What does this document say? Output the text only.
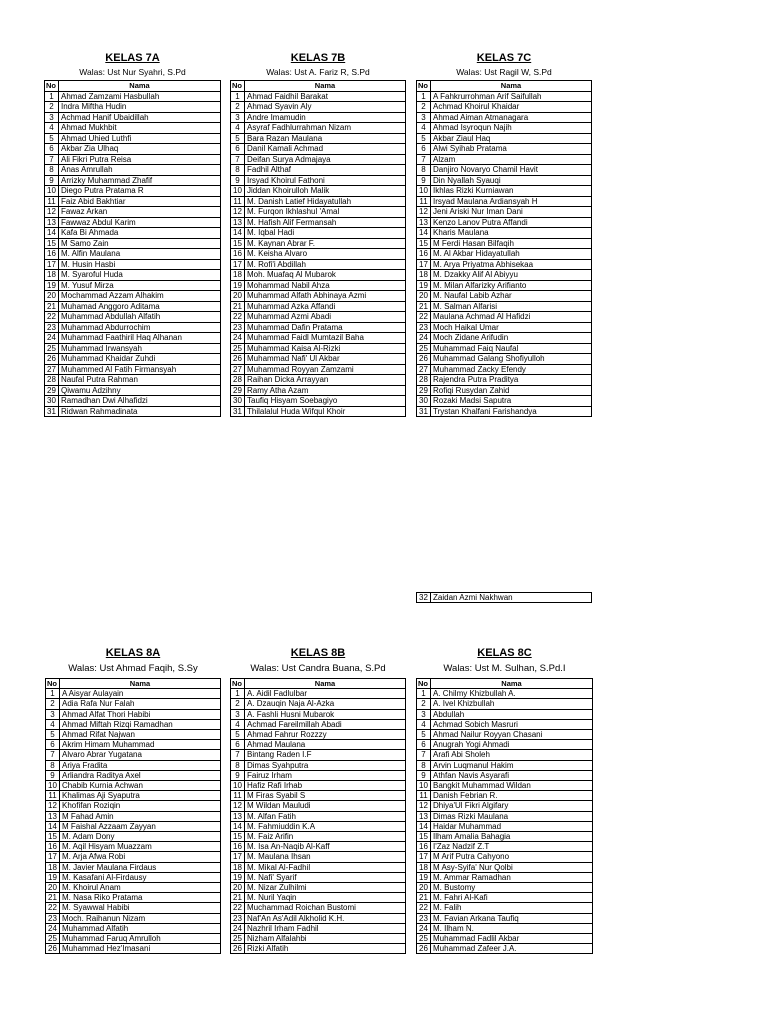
KELAS 7A
Walas: Ust Nur Syahri, S.Pd
No	Nama
1	Ahmad Zamzami Hasbullah
2	Indra Miftha Hudin
3	Achmad Hanif Ubaidillah
4	Ahmad Mukhbit
5	Ahmad Uhied Luthfi
6	Akbar Zia Ulhaq
7	Ali Fikri Putra Reisa
8	Anas Amrullah
9	Arrizky Muhammad Zhafif
10	Diego Putra Pratama R
11	Faiz Abid Bakhtiar
12	Fawaz Arkan
13	Fawwaz Abdul Karim
14	Kafa Bi Ahmada
15	M Samo Zain
16	M. Alfin Maulana
17	M. Husin Hasbi
18	M. Syaroful Huda
19	M. Yusuf Mirza
20	Mochammad Azzam Alhakim
21	Muhamad Anggoro Aditama
22	Muhammad Abdullah Alfatih
23	Muhammad Abdurrochim
24	Muhammad Faathiril Haq Alhanan
25	Muhammad Irwansyah
26	Muhammad Khaidar Zuhdi
27	Muhammed Al Fatih Firmansyah
28	Naufal Putra Rahman
29	Qiwamu Adzihny
30	Ramadhan Dwi Alhafidzi
31	Ridwan Rahmadinata
KELAS 7B
Walas: Ust A. Fariz R, S.Pd
No	Nama
1	Ahmad Faidhil Barakat
2	Ahmad Syavin Aly
3	Andre Imamudin
4	Asyraf Fadhlurrahman Nizam
5	Bara Razan Maulana
6	Danil Kamali Achmad
7	Deifan Surya Admajaya
8	Fadhil Althaf
9	Irsyad Khoirul Fathoni
10	Jiddan Khoirulloh Malik
11	M. Danish Latief Hidayatullah
12	M. Furqon Ikhlashul 'Amal
13	M. Hafish Alif Fermansah
14	M. Iqbal Hadi
15	M. Kaynan Abrar F.
16	M. Keisha Alvaro
17	M. Rofi'i Abdillah
18	Moh. Muafaq Al Mubarok
19	Mohammad Nabil Ahza
20	Muhammad Alfath Abhinaya Azmi
21	Muhammad Azka Affandi
22	Muhammad Azmi Abadi
23	Muhammad Dafin Pratama
24	Muhammad Faidl Mumtazil Baha
25	Muhammad Kaisa Al-Rizki
26	Muhammad Nafi' Ul Akbar
27	Muhammad Royyan Zamzami
28	Raihan Dicka Arrayyan
29	Ramy Atha Azam
30	Taufiq Hisyam Soebagiyo
31	Thilalalul Huda Wifqul Khoir
KELAS 7C
Walas: Ust Ragil W, S.Pd
No	Nama
1	A Fahkrurrohman Arif Saifullah
2	Achmad Khoirul Khaidar
3	Ahmad Aiman Atmanagara
4	Ahmad Isyroqun Najih
5	Akbar Ziaul Haq
6	Alwi Syihab Pratama
7	Alzam
8	Danjiro Novaryo Chamil Havit
9	Din Nyallah Syauqi
10	Ikhlas Rizki Kurniawan
11	Irsyad Maulana Ardiansyah H
12	Jeni Ariski Nur Iman Dani
13	Kenzo Lanov Putra Affandi
14	Kharis Maulana
15	M Ferdi Hasan Bilfaqih
16	M. Al Akbar Hidayatullah
17	M. Arya Priyatma Abhisekaa
18	M. Dzakky Alif Al Abiyyu
19	M. Milan Alfarizky Arifianto
20	M. Naufal Labib Azhar
21	M. Salman Alfarisi
22	Maulana Achmad Al Hafidzi
23	Moch Haikal Umar
24	Moch Zidane Arifudin
25	Muhammad Faiq Naufal
26	Muhammad Galang Shofiyulloh
27	Muhammad Zacky Efendy
28	Rajendra Putra Praditya
29	Rofiqi Rusydan Zahid
30	Rozaki Madsi Saputra
31	Trystan Khalfani Farishandya
32	Zaidan Azmi Nakhwan
KELAS 8A
Walas: Ust Ahmad Faqih, S.Sy
No	Nama
1	A Aisyar Aulayain
2	Adia Rafa Nur Falah
3	Ahmad Alfat Thori Habibi
4	Ahmad Miftah Rizqi Ramadhan
5	Ahmad Rifat Najwan
6	Akrim Himam Muhammad
7	Alvaro Abrar Yugatana
8	Ariya Fradita
9	Arliandra Raditya Axel
10	Chabib Kurnia Achwan
11	Khalimas Aji Syaputra
12	Khofifan Roziqin
13	M Fahad Amin
14	M Faishal Azzaam Zayyan
15	M. Adam Dony
16	M. Aqil Hisyam Muazzam
17	M. Arja Afwa Robi
18	M. Javier Maulana Firdaus
19	M. Kasafani Al-Firdausy
20	M. Khoirul Anam
21	M. Nasa Riko Pratama
22	M. Syawwal Habibi
23	Moch. Raihanun Nizam
24	Muhammad Alfatih
25	Muhammad Faruq Amrulloh
26	Muhammad Hez'Imasani
KELAS 8B
Walas: Ust Candra Buana, S.Pd
No	Nama
1	A. Aidil Fadlulbar
2	A. Dzauqin Naja Al-Azka
3	A. Fashli Husni Mubarok
4	Achmad Fareilmillah Abadi
5	Ahmad Fahrur Rozzzy
6	Ahmad Maulana
7	Bintang Raden I.F
8	Dimas Syahputra
9	Fairuz Irham
10	Hafiz Rafi Irhab
11	M Firas Syabil S
12	M Wildan Mauludi
13	M. Alfan Fatih
14	M. Fahmiuddin K.A
15	M. Faiz Arifin
16	M. Isa An-Naqib Al-Kaff
17	M. Maulana Ihsan
18	M. Mikal Al-Fadhil
19	M. Nafi' Syarif
20	M. Nizar Zulhilmi
21	M. Nuril Yaqin
22	Muchammad Roichan Bustomi
23	Naf'An As'Adil Alkholid K.H.
24	Nazhril Irham Fadhil
25	Nizham Alfalahbi
26	Rizki Alfatih
KELAS 8C
Walas: Ust M. Sulhan, S.Pd.I
No	Nama
1	A. Chilmy Khizbullah A.
2	A. Ivel Khizbullah
3	Abdullah
4	Achmad Sobich Masruri
5	Ahmad Nailur Royyan Chasani
6	Anugrah Yogi Ahmadi
7	Arafi Abi Sholeh
8	Arvin Luqmanul Hakim
9	Athfan Navis Asyarafi
10	Bangkit Muhammad Wildan
11	Danish Febrian R.
12	Dhiya'Ul Fikri Algifary
13	Dimas Rizki Maulana
14	Haidar Muhammad
15	Ilham Amalia Bahagia
16	I'Zaz Nadzif Z.T
17	M Arif Putra Cahyono
18	M Asy-Syifa' Nur Qolbi
19	M. Ammar Ramadhan
20	M. Bustomy
21	M. Fahri Al-Kafi
22	M. Falih
23	M. Favian Arkana Taufiq
24	M. Ilham N.
25	Muhammad Fadlil Akbar
26	Muhammad Zafeer J.A.
